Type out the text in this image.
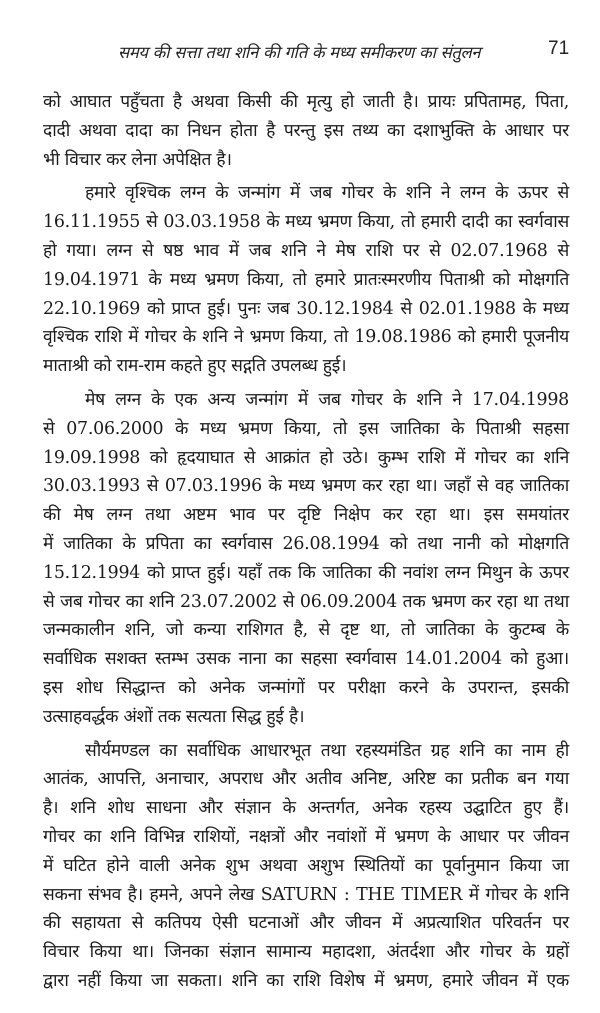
समय की सत्ता तथा शनि की गति के मध्य समीकरण का संतुलन	71
को आघात पहुँचता है अथवा किसी की मृत्यु हो जाती है। प्रायः प्रपितामह, पिता,
दादी अथवा दादा का निधन होता है परन्तु इस तथ्य का दशाभुक्ति के आधार पर
भी विचार कर लेना अपेक्षित है।
हमारे वृश्चिक लग्न के जन्मांग में जब गोचर के शनि ने लग्न के ऊपर से
16.11.1955 से 03.03.1958 के मध्य भ्रमण किया, तो हमारी दादी का स्वर्गवास
हो गया। लग्न से षष्ठ भाव में जब शनि ने मेष राशि पर से 02.07.1968 से
19.04.1971 के मध्य भ्रमण किया, तो हमारे प्रातःस्मरणीय पिताश्री को मोक्षगति
22.10.1969 को प्राप्त हुई। पुनः जब 30.12.1984 से 02.01.1988 के मध्य
वृश्चिक राशि में गोचर के शनि ने भ्रमण किया, तो 19.08.1986 को हमारी पूजनीय
माताश्री को राम-राम कहते हुए सद्गति उपलब्ध हुई।
मेष लग्न के एक अन्य जन्मांग में जब गोचर के शनि ने 17.04.1998
से 07.06.2000 के मध्य भ्रमण किया, तो इस जातिका के पिताश्री सहसा
19.09.1998 को हृदयाघात से आक्रांत हो उठे। कुम्भ राशि में गोचर का शनि
30.03.1993 से 07.03.1996 के मध्य भ्रमण कर रहा था। जहाँ से वह जातिका
की मेष लग्न तथा अष्टम भाव पर दृष्टि निक्षेप कर रहा था। इस समयांतर
में जातिका के प्रपिता का स्वर्गवास 26.08.1994 को तथा नानी को मोक्षगति
15.12.1994 को प्राप्त हुई। यहाँ तक कि जातिका की नवांश लग्न मिथुन के ऊपर
से जब गोचर का शनि 23.07.2002 से 06.09.2004 तक भ्रमण कर रहा था तथा
जन्मकालीन शनि, जो कन्या राशिगत है, से दृष्ट था, तो जातिका के कुटम्ब के
सर्वाधिक सशक्त स्तम्भ उसक नाना का सहसा स्वर्गवास 14.01.2004 को हुआ।
इस शोध सिद्धान्त को अनेक जन्मांगों पर परीक्षा करने के उपरान्त, इसकी
उत्साहवर्द्धक अंशों तक सत्यता सिद्ध हुई है।
सौर्यमण्डल का सर्वाधिक आधारभूत तथा रहस्यमंडित ग्रह शनि का नाम ही
आतंक, आपत्ति, अनाचार, अपराध और अतीव अनिष्ट, अरिष्ट का प्रतीक बन गया
है। शनि शोध साधना और संज्ञान के अन्तर्गत, अनेक रहस्य उद्घाटित हुए हैं।
गोचर का शनि विभिन्न राशियों, नक्षत्रों और नवांशों में भ्रमण के आधार पर जीवन
में घटित होने वाली अनेक शुभ अथवा अशुभ स्थितियों का पूर्वानुमान किया जा
सकना संभव है। हमने, अपने लेख SATURN : THE TIMER में गोचर के शनि
की सहायता से कतिपय ऐसी घटनाओं और जीवन में अप्रत्याशित परिवर्तन पर
विचार किया था। जिनका संज्ञान सामान्य महादशा, अंतर्दशा और गोचर के ग्रहों
द्वारा नहीं किया जा सकता। शनि का राशि विशेष में भ्रमण, हमारे जीवन में एक
